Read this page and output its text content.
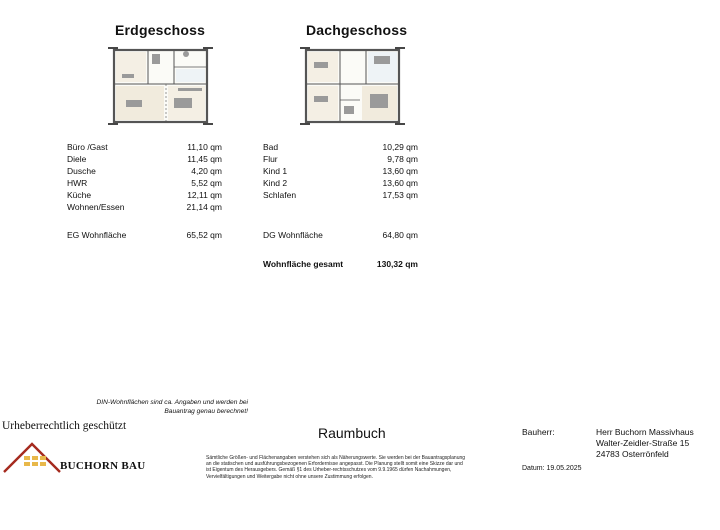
Erdgeschoss	Dachgeschoss
Büro /Gast	11,10 qm
Diele	11,45 qm
Dusche	4,20 qm
HWR	5,52 qm
Küche	12,11 qm
Wohnen/Essen	21,14 qm
EG Wohnfläche	65,52 qm
Bad	10,29 qm
Flur	9,78 qm
Kind 1	13,60 qm
Kind 2	13,60 qm
Schlafen	17,53 qm
DG Wohnfläche	64,80 qm
Wohnfläche gesamt	130,32 qm
DIN-Wohnflächen sind ca. Angaben und werden bei
Bauantrag genau berechnet!
Urheberrechtlich geschützt
BUCHORN BAU
Raumbuch
Sämtliche Größen- und Flächenangaben verstehen sich als Näherungswerte. Sie werden bei der Bauantragsplanung
an die statischen und ausführungsbezogenen Erfordernisse angepasst. Die Planung stellt somit eine Skizze dar und
ist Eigentum des Herausgebers. Gemäß §1 des Urheber-rechtsschutzes vom 9.9.1965 dürfen Nachahmungen,
Vervielfältigungen und Weitergabe nicht ohne unsere Zustimmung erfolgen.
Bauherr:	Herr Buchorn Massivhaus
Walter-Zeidler-Straße 15
24783 Osterrönfeld
Datum: 19.05.2025
